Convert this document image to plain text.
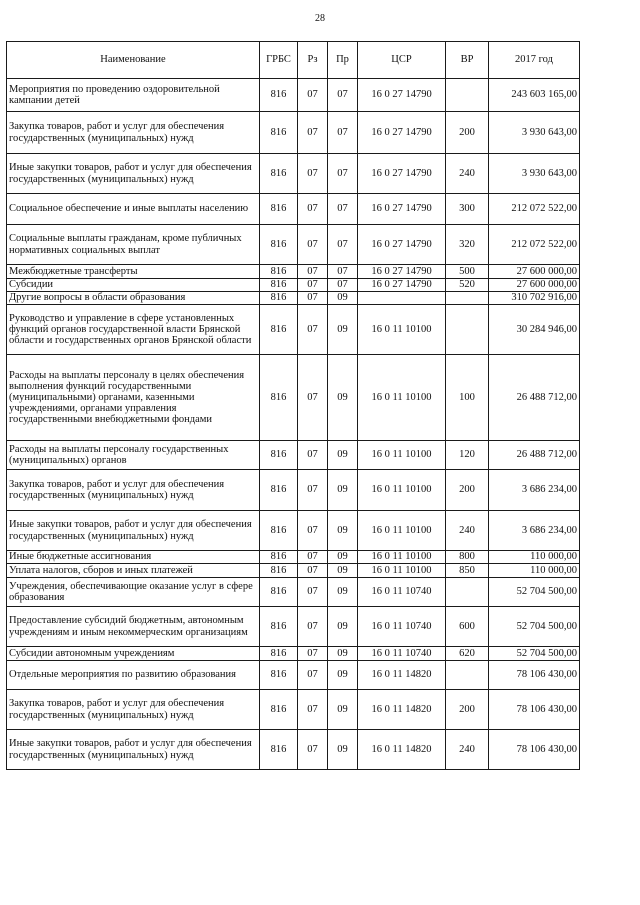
28
Наименование	ГРБС	Рз	Пр	ЦСР	ВР	2017 год
Мероприятия по проведению оздоровительной кампании детей	816	07	07	16 0 27 14790		243 603 165,00
Закупка товаров, работ и услуг для обеспечения государственных (муниципальных) нужд	816	07	07	16 0 27 14790	200	3 930 643,00
Иные закупки товаров, работ и услуг для обеспечения государственных (муниципальных) нужд	816	07	07	16 0 27 14790	240	3 930 643,00
Социальное обеспечение и иные выплаты населению	816	07	07	16 0 27 14790	300	212 072 522,00
Социальные выплаты гражданам, кроме публичных нормативных социальных выплат	816	07	07	16 0 27 14790	320	212 072 522,00
Межбюджетные трансферты	816	07	07	16 0 27 14790	500	27 600 000,00
Субсидии	816	07	07	16 0 27 14790	520	27 600 000,00
Другие вопросы в области образования	816	07	09			310 702 916,00
Руководство и управление в сфере установленных функций органов государственной власти Брянской области и государственных органов Брянской области	816	07	09	16 0 11 10100		30 284 946,00
Расходы на выплаты персоналу в целях обеспечения выполнения функций государственными (муниципальными) органами, казенными учреждениями, органами управления государственными внебюджетными фондами	816	07	09	16 0 11 10100	100	26 488 712,00
Расходы на выплаты персоналу государственных (муниципальных) органов	816	07	09	16 0 11 10100	120	26 488 712,00
Закупка товаров, работ и услуг для обеспечения государственных (муниципальных) нужд	816	07	09	16 0 11 10100	200	3 686 234,00
Иные закупки товаров, работ и услуг для обеспечения государственных (муниципальных) нужд	816	07	09	16 0 11 10100	240	3 686 234,00
Иные бюджетные ассигнования	816	07	09	16 0 11 10100	800	110 000,00
Уплата налогов, сборов и иных платежей	816	07	09	16 0 11 10100	850	110 000,00
Учреждения, обеспечивающие оказание услуг в сфере образования	816	07	09	16 0 11 10740		52 704 500,00
Предоставление субсидий бюджетным, автономным учреждениям и иным некоммерческим организациям	816	07	09	16 0 11 10740	600	52 704 500,00
Субсидии автономным учреждениям	816	07	09	16 0 11 10740	620	52 704 500,00
Отдельные мероприятия по развитию образования	816	07	09	16 0 11 14820		78 106 430,00
Закупка товаров, работ и услуг для обеспечения государственных (муниципальных) нужд	816	07	09	16 0 11 14820	200	78 106 430,00
Иные закупки товаров, работ и услуг для обеспечения государственных (муниципальных) нужд	816	07	09	16 0 11 14820	240	78 106 430,00
